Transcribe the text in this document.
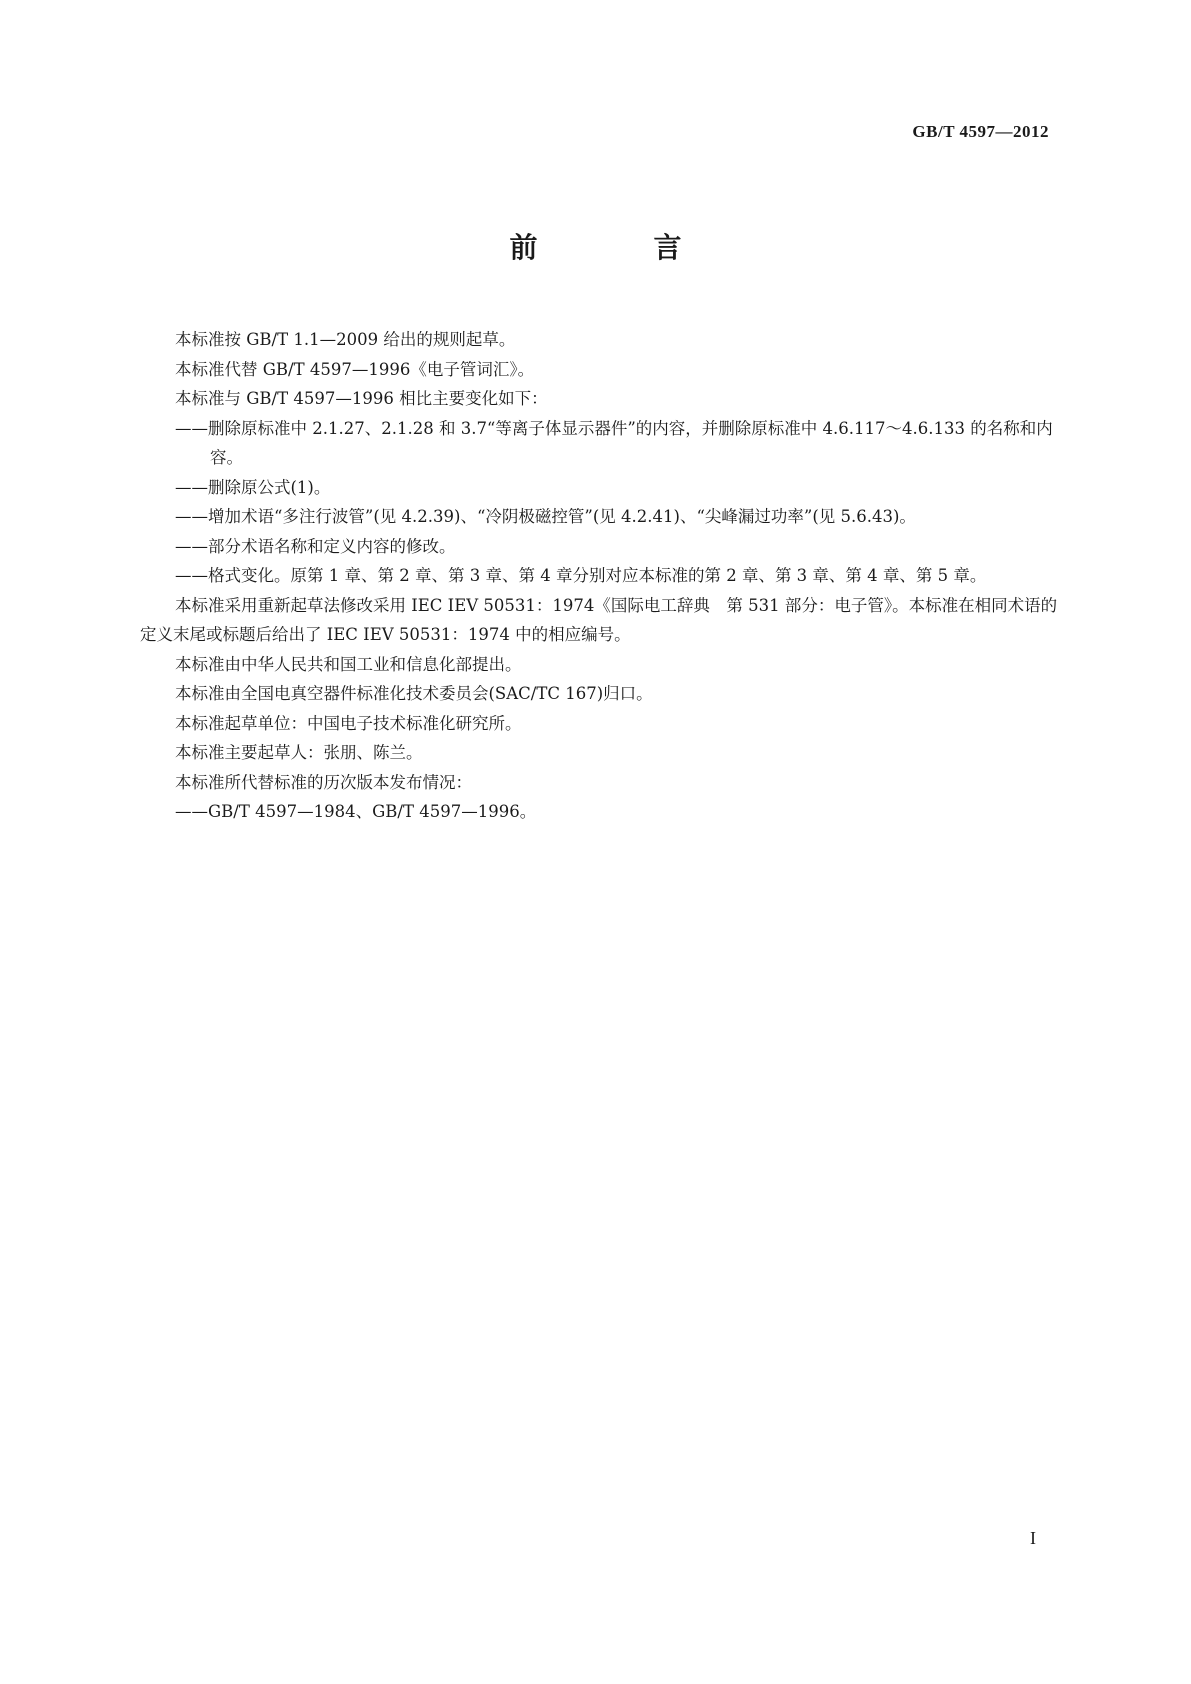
GB/T 4597—2012
前　言

本标准按 GB/T 1.1—2009 给出的规则起草。

本标准代替 GB/T 4597—1996《电子管词汇》。

本标准与 GB/T 4597—1996 相比主要变化如下：

——删除原标准中 2.1.27、2.1.28 和 3.7“等离子体显示器件”的内容，并删除原标准中 4.6.117～4.6.133 的名称和内容。

——删除原公式(1)。

——增加术语“多注行波管”(见 4.2.39)、“冷阴极磁控管”(见 4.2.41)、“尖峰漏过功率”(见 5.6.43)。

——部分术语名称和定义内容的修改。

——格式变化。原第 1 章、第 2 章、第 3 章、第 4 章分别对应本标准的第 2 章、第 3 章、第 4 章、第 5 章。

本标准采用重新起草法修改采用 IEC IEV 50531：1974《国际电工辞典　第 531 部分：电子管》。本标准在相同术语的定义末尾或标题后给出了 IEC IEV 50531：1974 中的相应编号。

本标准由中华人民共和国工业和信息化部提出。

本标准由全国电真空器件标准化技术委员会(SAC/TC 167)归口。

本标准起草单位：中国电子技术标准化研究所。

本标准主要起草人：张朋、陈兰。

本标准所代替标准的历次版本发布情况：

——GB/T 4597—1984、GB/T 4597—1996。

I
